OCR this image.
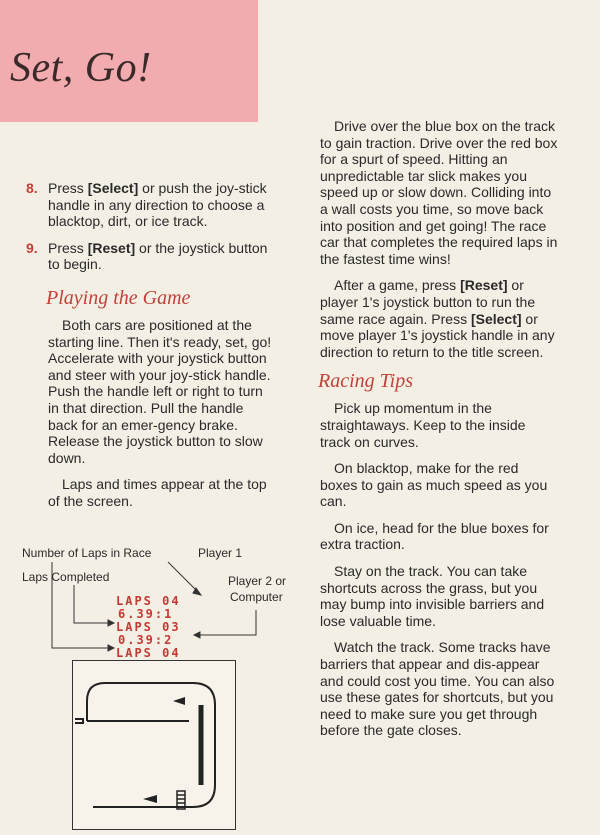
Set, Go!
8. Press [Select] or push the joy-stick handle in any direction to choose a blacktop, dirt, or ice track.
9. Press [Reset] or the joystick button to begin.
Playing the Game

Both cars are positioned at the starting line. Then it's ready, set, go! Accelerate with your joystick button and steer with your joy-stick handle. Push the handle left or right to turn in that direction. Pull the handle back for an emer-gency brake. Release the joystick button to slow down.

Laps and times appear at the top of the screen.

Number of Laps in Race	Player 1
Laps Completed	Player 2 or
Computer
LAPS 04
6.39:1
LAPS 03
0.39:2
LAPS 04

Drive over the blue box on the track to gain traction. Drive over the red box for a spurt of speed. Hitting an unpredictable tar slick makes you speed up or slow down. Colliding into a wall costs you time, so move back into position and get going! The race car that completes the required laps in the fastest time wins!

After a game, press [Reset] or player 1's joystick button to run the same race again. Press [Select] or move player 1's joystick handle in any direction to return to the title screen.

Racing Tips

Pick up momentum in the straightaways. Keep to the inside track on curves.

On blacktop, make for the red boxes to gain as much speed as you can.

On ice, head for the blue boxes for extra traction.

Stay on the track. You can take shortcuts across the grass, but you may bump into invisible barriers and lose valuable time.

Watch the track. Some tracks have barriers that appear and dis-appear and could cost you time. You can also use these gates for shortcuts, but you need to make sure you get through before the gate closes.
